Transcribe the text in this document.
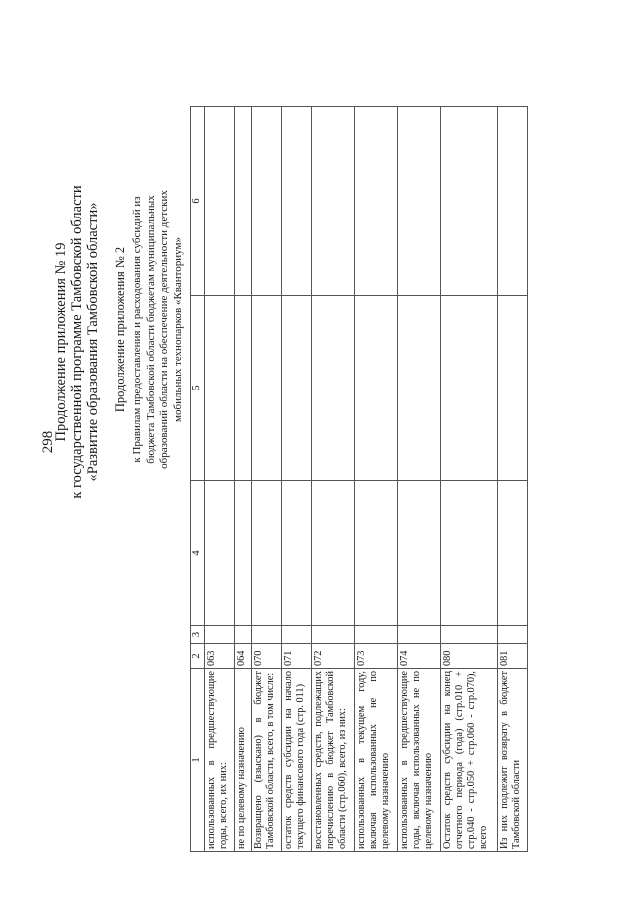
298
Продолжение приложения № 19 к государственной программе Тамбовской области «Развитие образования Тамбовской области» Продолжение приложения № 2 к Правилам предоставления и расходования субсидий из бюджета Тамбовской области бюджетам муниципальных образований области на обеспечение деятельности детских мобильных технопарков «Кванториум»
1	2	3	4	5	6
использованных в предшествующие годы, всего, их них:	063				
не по целевому назначению	064				
Возвращено (взыскано) в бюджет Тамбовской области, всего, в том числе:	070				
остаток средств субсидии на начало текущего финансового года (стр. 011)	071				
восстановленных средств, подлежащих перечислению в бюджет Тамбовской области (стр.060), всего, из них:	072				
использованных в текущем году, включая использованных не по целевому назначению	073				
использованных в предшествующие годы, включая использованных не по целевому назначению	074				
Остаток средств субсидии на конец отчетного периода (года) (стр.010 + стр.040 - стр.050 + стр.060 - стр.070), всего	080				
Из них подлежит возврату в бюджет Тамбовской области	081				
